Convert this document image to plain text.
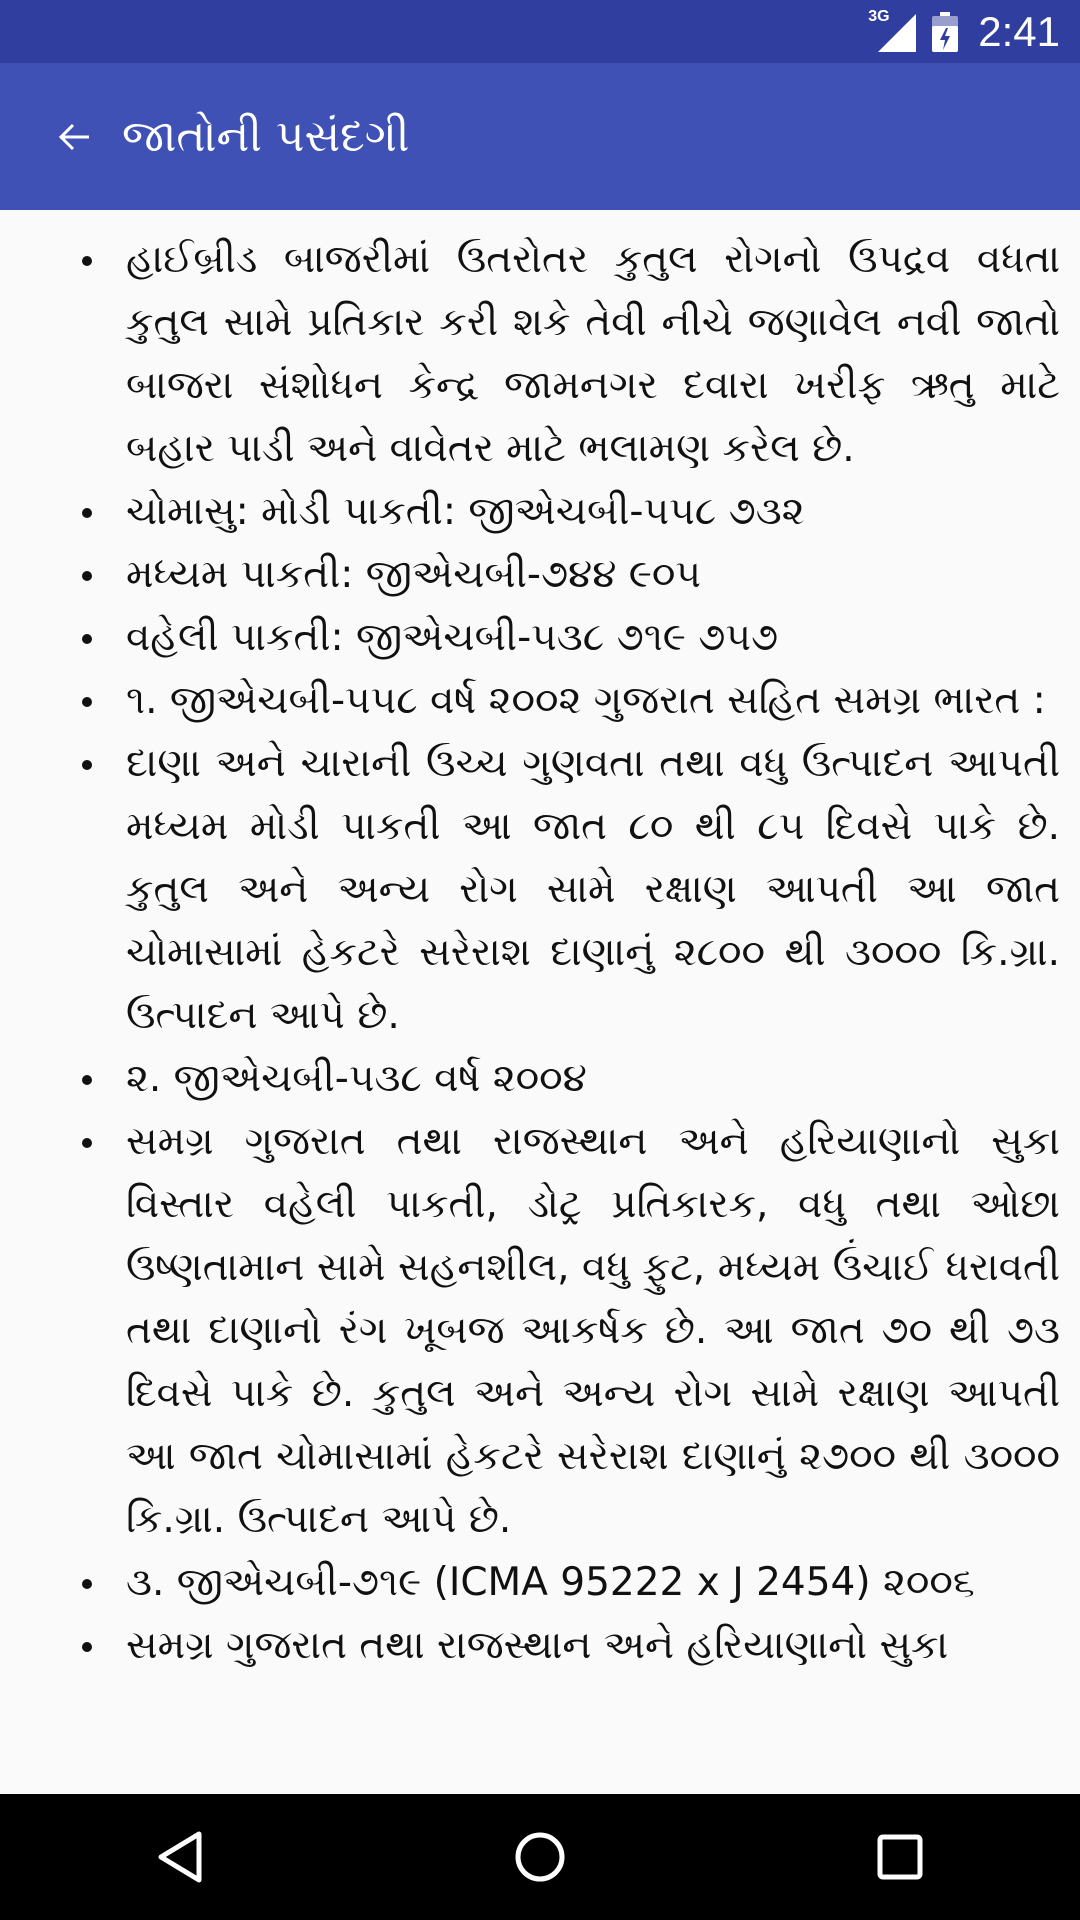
3G 2:41
જાતોની પસંદગી
હાઈબ્રીડ બાજરીમાં ઉતરોતર કુતુલ રોગનો ઉપદ્રવ વધતા કુતુલ સામે પ્રતિકાર કરી શકે તેવી નીચે જણાવેલ નવી જાતો બાજરા સંશોધન કેન્દ્ર જામનગર દવારા ખરીફ ઋતુ માટે બહાર પાડી અને વાવેતર માટે ભલામણ કરેલ છે.
ચોમાસુ: મોડી પાકતી: જીએચબી-૫૫૮ ૭૩૨
મધ્યમ પાકતી: જીએચબી-૭૪૪ ૯૦૫
વહેલી પાકતી: જીએચબી-૫૩૮ ૭૧૯ ૭૫૭
૧. જીએચબી-૫૫૮ વર્ષ ૨૦૦૨ ગુજરાત સહિત સમગ્ર ભારત :
દાણા અને ચારાની ઉચ્ચ ગુણવતા તથા વધુ ઉત્પાદન આપતી મધ્યમ મોડી પાકતી આ જાત ૮૦ થી ૮૫ દિવસે પાકે છે. કુતુલ અને અન્ય રોગ સામે રક્ષાણ આપતી આ જાત ચોમાસામાં હેકટરે સરેરાશ દાણાનું ૨૮૦૦ થી ૩૦૦૦ કિ.ગ્રા. ઉત્પાદન આપે છે.
૨. જીએચબી-૫૩૮ વર્ષ ૨૦૦૪
સમગ્ર ગુજરાત તથા રાજસ્થાન અને હરિયાણાનો સુકા વિસ્તાર વહેલી પાકતી, ડોટ્ર પ્રતિકારક, વધુ તથા ઓછા ઉષ્ણતામાન સામે સહનશીલ, વધુ ફુટ, મધ્યમ ઉંચાઈ ધરાવતી તથા દાણાનો રંગ ખૂબજ આકર્ષક છે. આ જાત ૭૦ થી ૭૩ દિવસે પાકે છે. કુતુલ અને અન્ય રોગ સામે રક્ષાણ આપતી આ જાત ચોમાસામાં હેકટરે સરેરાશ દાણાનું ૨૭૦૦ થી ૩૦૦૦ કિ.ગ્રા. ઉત્પાદન આપે છે.
૩. જીએચબી-૭૧૯ (ICMA 95222 x J 2454) ૨૦૦૬
સમગ્ર ગુજરાત તથા રાજસ્થાન અને હરિયાણાનો સુકા
